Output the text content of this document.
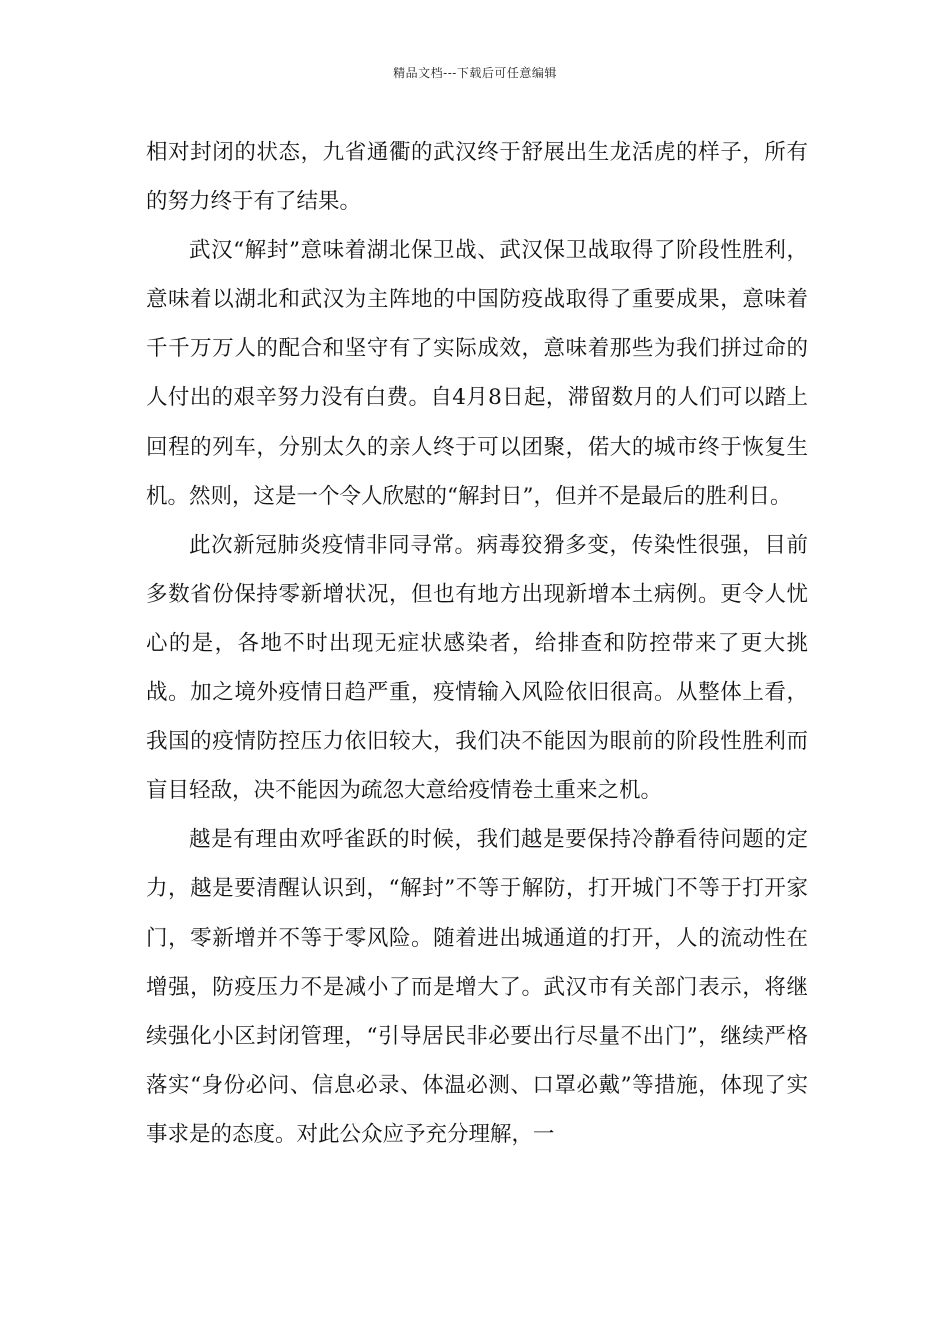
精品文档---下载后可任意编辑

相对封闭的状态，九省通衢的武汉终于舒展出生龙活虎的样子，所有的努力终于有了结果。

武汉“解封”意味着湖北保卫战、武汉保卫战取得了阶段性胜利，意味着以湖北和武汉为主阵地的中国防疫战取得了重要成果，意味着千千万万人的配合和坚守有了实际成效，意味着那些为我们拼过命的人付出的艰辛努力没有白费。自4月8日起，滞留数月的人们可以踏上回程的列车，分别太久的亲人终于可以团聚，偌大的城市终于恢复生机。然则，这是一个令人欣慰的“解封日”，但并不是最后的胜利日。

此次新冠肺炎疫情非同寻常。病毒狡猾多变，传染性很强，目前多数省份保持零新增状况，但也有地方出现新增本土病例。更令人忧心的是，各地不时出现无症状感染者，给排查和防控带来了更大挑战。加之境外疫情日趋严重，疫情输入风险依旧很高。从整体上看，我国的疫情防控压力依旧较大，我们决不能因为眼前的阶段性胜利而盲目轻敌，决不能因为疏忽大意给疫情卷土重来之机。

越是有理由欢呼雀跃的时候，我们越是要保持冷静看待问题的定力，越是要清醒认识到，“解封”不等于解防，打开城门不等于打开家门，零新增并不等于零风险。随着进出城通道的打开，人的流动性在增强，防疫压力不是减小了而是增大了。武汉市有关部门表示，将继续强化小区封闭管理，“引导居民非必要出行尽量不出门”，继续严格落实“身份必问、信息必录、体温必测、口罩必戴”等措施，体现了实事求是的态度。对此公众应予充分理解，一
